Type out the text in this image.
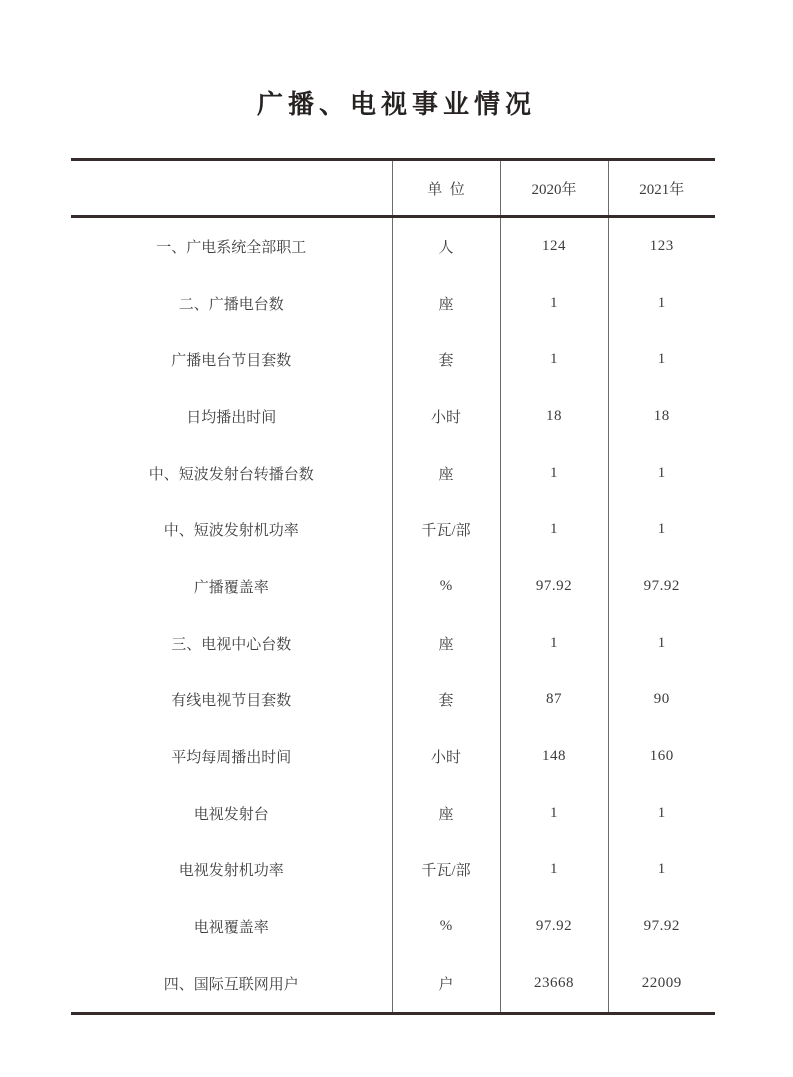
广播、电视事业情况
	单  位	2020年	2021年
一、广电系统全部职工	人	124	123
二、广播电台数	座	1	1
广播电台节目套数	套	1	1
日均播出时间	小时	18	18
中、短波发射台转播台数	座	1	1
中、短波发射机功率	千瓦/部	1	1
广播覆盖率	%	97.92	97.92
三、电视中心台数	座	1	1
有线电视节目套数	套	87	90
平均每周播出时间	小时	148	160
电视发射台	座	1	1
电视发射机功率	千瓦/部	1	1
电视覆盖率	%	97.92	97.92
四、国际互联网用户	户	23668	22009
